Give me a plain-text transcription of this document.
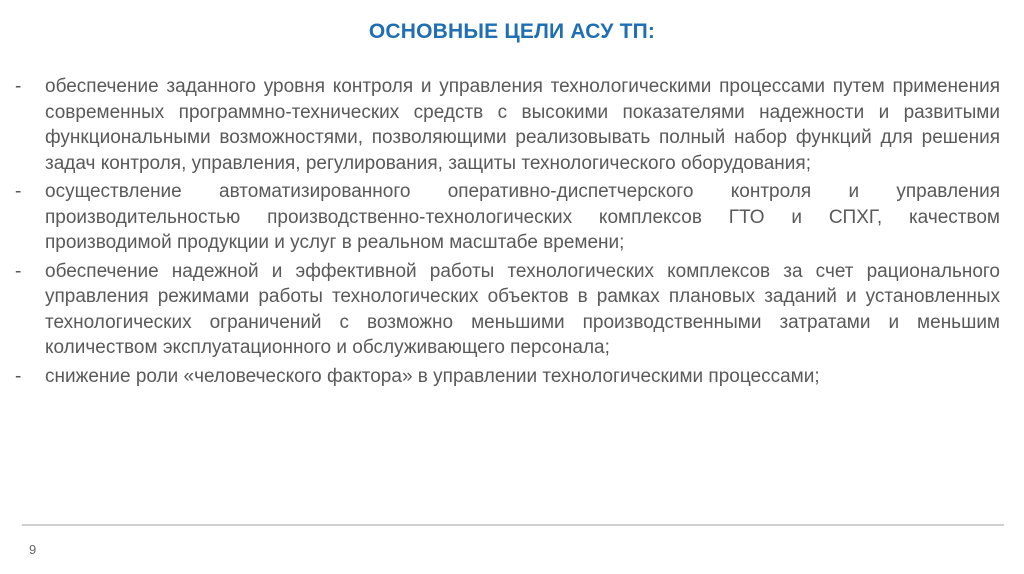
ОСНОВНЫЕ ЦЕЛИ АСУ ТП:
- обеспечение заданного уровня контроля и управления технологическими процессами путем применения современных программно-технических средств с высокими показателями надежности и развитыми функциональными возможностями, позволяющими реализовывать полный набор функций для решения задач контроля, управления, регулирования, защиты технологического оборудования;
- осуществление автоматизированного оперативно-диспетчерского контроля и управления производительностью производственно-технологических комплексов ГТО и СПХГ, качеством производимой продукции и услуг в реальном масштабе времени;
- обеспечение надежной и эффективной работы технологических комплексов за счет рационального управления режимами работы технологических объектов в рамках плановых заданий и установленных технологических ограничений с возможно меньшими производственными затратами и меньшим количеством эксплуатационного и обслуживающего персонала;
- снижение роли «человеческого фактора» в управлении технологическими процессами;
9
